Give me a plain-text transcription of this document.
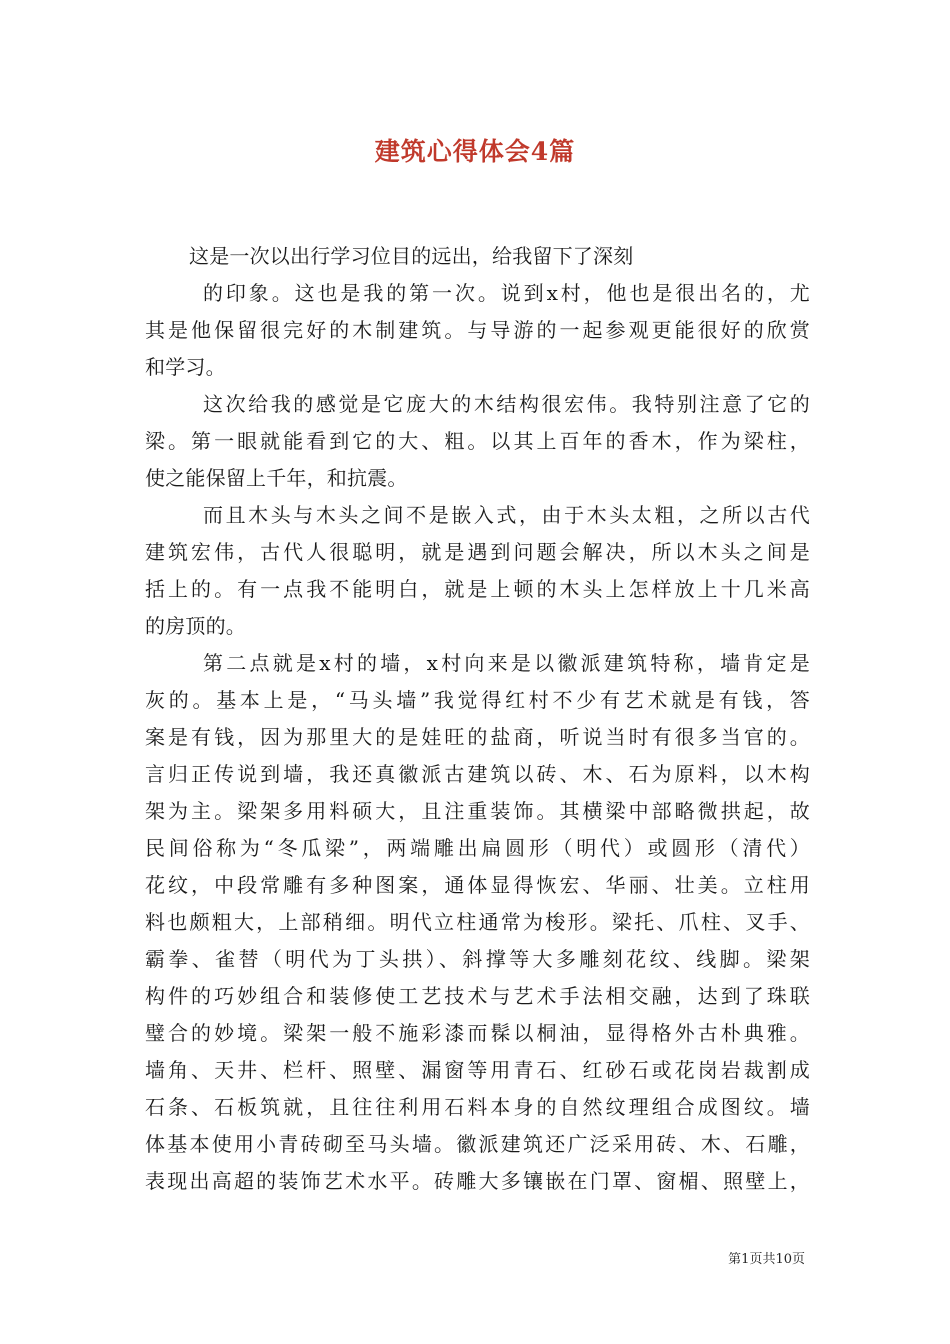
建筑心得体会4篇
这是一次以出行学习位目的远出，给我留下了深刻
的印象。这也是我的第一次。说到x村，他也是很出名的，尤
其是他保留很完好的木制建筑。与导游的一起参观更能很好的欣赏
和学习。
这次给我的感觉是它庞大的木结构很宏伟。我特别注意了它的
梁。第一眼就能看到它的大、粗。以其上百年的香木，作为梁柱，
使之能保留上千年，和抗震。
而且木头与木头之间不是嵌入式，由于木头太粗，之所以古代
建筑宏伟，古代人很聪明，就是遇到问题会解决，所以木头之间是
括上的。有一点我不能明白，就是上顿的木头上怎样放上十几米高
的房顶的。
第二点就是x村的墙，x村向来是以徽派建筑特称，墙肯定是
灰的。基本上是，“马头墙”我觉得红村不少有艺术就是有钱，答
案是有钱，因为那里大的是娃旺的盐商，听说当时有很多当官的。
言归正传说到墙，我还真徽派古建筑以砖、木、石为原料，以木构
架为主。梁架多用料硕大，且注重装饰。其横梁中部略微拱起，故
民间俗称为“冬瓜梁”，两端雕出扁圆形（明代）或圆形（清代）
花纹，中段常雕有多种图案，通体显得恢宏、华丽、壮美。立柱用
料也颇粗大，上部稍细。明代立柱通常为梭形。梁托、爪柱、叉手、
霸拳、雀替（明代为丁头拱）、斜撑等大多雕刻花纹、线脚。梁架
构件的巧妙组合和装修使工艺技术与艺术手法相交融，达到了珠联
璧合的妙境。梁架一般不施彩漆而髹以桐油，显得格外古朴典雅。
墙角、天井、栏杆、照壁、漏窗等用青石、红砂石或花岗岩裁割成
石条、石板筑就，且往往利用石料本身的自然纹理组合成图纹。墙
体基本使用小青砖砌至马头墙。徽派建筑还广泛采用砖、木、石雕，
表现出高超的装饰艺术水平。砖雕大多镶嵌在门罩、窗楣、照壁上，
第1页共10页
